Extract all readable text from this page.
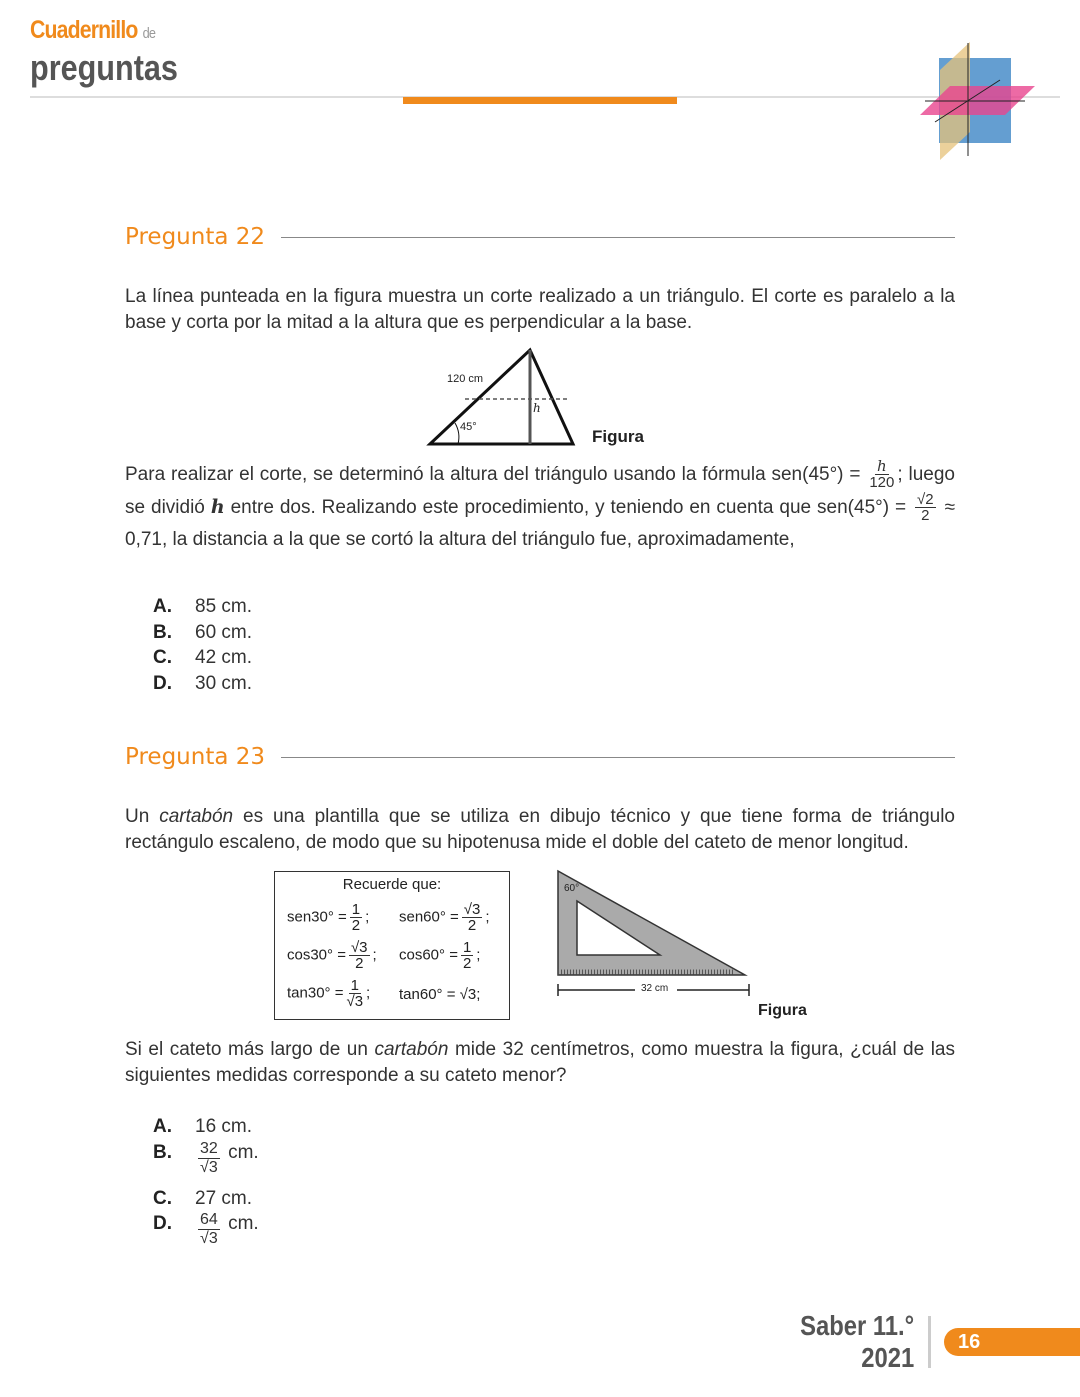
Cuadernillo de
preguntas
Pregunta 22
La línea punteada en la figura muestra un corte realizado a un triángulo. El corte es paralelo a la base y corta por la mitad a la altura que es perpendicular a la base.
120 cm
h
45°	Figura
Para realizar el corte, se determinó la altura del triángulo usando la fórmula $sen(45^\circ) = \frac{h}{120}$ ; luego se dividió h entre dos. Realizando este procedimiento, y teniendo en cuenta que $sen(45^\circ) = \frac{√2}{2} \approx 0,71$, la distancia a la que se cortó la altura del triángulo fue, aproximadamente,
A.	85 cm.
B.	60 cm.
C.	42 cm.
D.	30 cm.
Pregunta 23
Un cartabón es una plantilla que se utiliza en dibujo técnico y que tiene forma de triángulo rectángulo escaleno, de modo que su hipotenusa mide el doble del cateto de menor longitud.
Recuerde que:
$sen30^\circ = \frac{1}{2}$ ; $sen60^\circ = \frac{√3}{2}$ ;
$\cos 30^\circ = \frac{√3}{2}$ ; $\cos 60^\circ = \frac{1}{2}$ ;
$\tan 30^\circ = \frac{1}{√3}$ ; tan60° = √3;
60°
32 cm
Figura
Si el cateto más largo de un cartabón mide 32 centímetros, como muestra la figura, ¿cuál de las siguientes medidas corresponde a su cateto menor?
A.	16 cm.
B.	$\frac{32}{√3}$
cm.
C.	27 cm.
D.	$\frac{64}{√3}$
cm.
Saber 11.°
2021	16
